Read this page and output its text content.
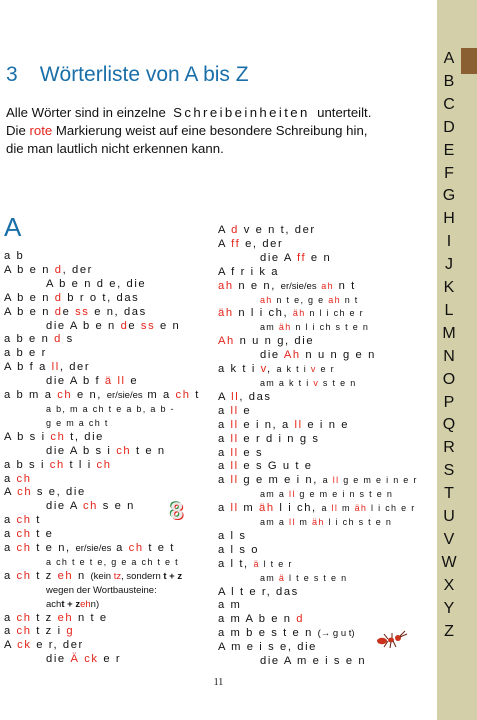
A
B
C
D
E
F
G
H
I
J
K
L
M
N
O
P
Q
R
S
T
U
V
W
X
Y
Z
3 Wörterliste von A bis Z
Alle Wörter sind in einzelne Schreibeinheiten unterteilt.
Die rote Markierung weist auf eine besondere Schreibung hin,
die man lautlich nicht erkennen kann.
A
a b
A b e n d, der
A b e n d e, die
A b e n d b r o t, das
A b e n de ss e n, das
die A b e n de ss e n
a b e n d s
a b e r
A b f a ll, der
die A b f ä ll e
a b m a ch e n, er/sie/es m a ch t
a b, m a ch t e a b, a b -
g e m a ch t
A b s i ch t, die
die A b s i ch t e n
a b s i ch t l i ch
a ch
A ch s e, die
die A ch s e n
a ch t
a ch t e
a ch t e n, er/sie/es a ch t e t
a ch t e t e, g e a ch t e t
a ch t z eh n (kein tz, sondern t + z
wegen der Wortbausteine:
acht + zehn)
a ch t z eh n t e
a ch t z i g
A ck e r, der
die Ä ck e r
A d v e n t, der
A ff e, der
die A ff e n
A f r i k a
ah n e n, er/sie/es ah n t
ah n t e, g e ah n t
äh n l i ch, äh n l i ch e r
am äh n l i ch s t e n
Ah n u n g, die
die Ah n u n g e n
a k t i v, a k t i v e r
am a k t i v s t e n
A ll, das
a ll e
a ll e i n, a ll e i n e
a ll e r d i n g s
a ll e s
a ll e s G u t e
a ll g e m e i n, a ll g e m e i n e r
am a ll g e m e i n s t e n
a ll m äh l i ch, a ll m äh l i ch e r
am a ll m äh l i ch s t e n
a l s
a l s o
a l t, ä l t e r
am ä l t e s t e n
A l t e r, das
a m
a m A b e n d
a m b e s t e n (→ g u t)
A m e i s e, die
die A m e i s e n
8
11
